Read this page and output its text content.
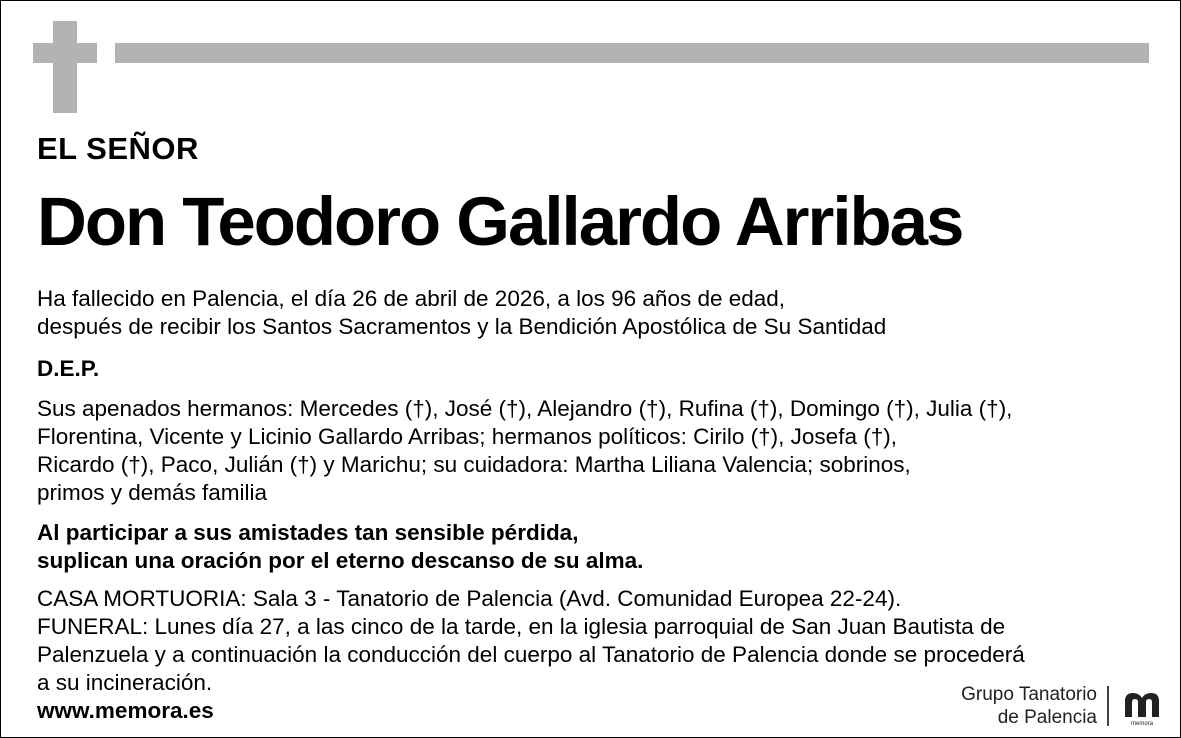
EL SEÑOR
Don Teodoro Gallardo Arribas
Ha fallecido en Palencia, el día 26 de abril de 2026, a los 96 años de edad,
después de recibir los Santos Sacramentos y la Bendición Apostólica de Su Santidad
D.E.P.
Sus apenados hermanos: Mercedes (†), José (†), Alejandro (†), Rufina (†), Domingo (†), Julia (†),
Florentina, Vicente y Licinio Gallardo Arribas; hermanos políticos: Cirilo (†), Josefa (†),
Ricardo (†), Paco, Julián (†) y Marichu; su cuidadora: Martha Liliana Valencia; sobrinos,
primos y demás familia
Al participar a sus amistades tan sensible pérdida,
suplican una oración por el eterno descanso de su alma.
CASA MORTUORIA: Sala 3 - Tanatorio de Palencia (Avd. Comunidad Europea 22-24).
FUNERAL: Lunes día 27, a las cinco de la tarde, en la iglesia parroquial de San Juan Bautista de
Palenzuela y a continuación la conducción del cuerpo al Tanatorio de Palencia donde se procederá
a su incineración.
www.memora.es
Grupo Tanatorio
de Palencia	memora
